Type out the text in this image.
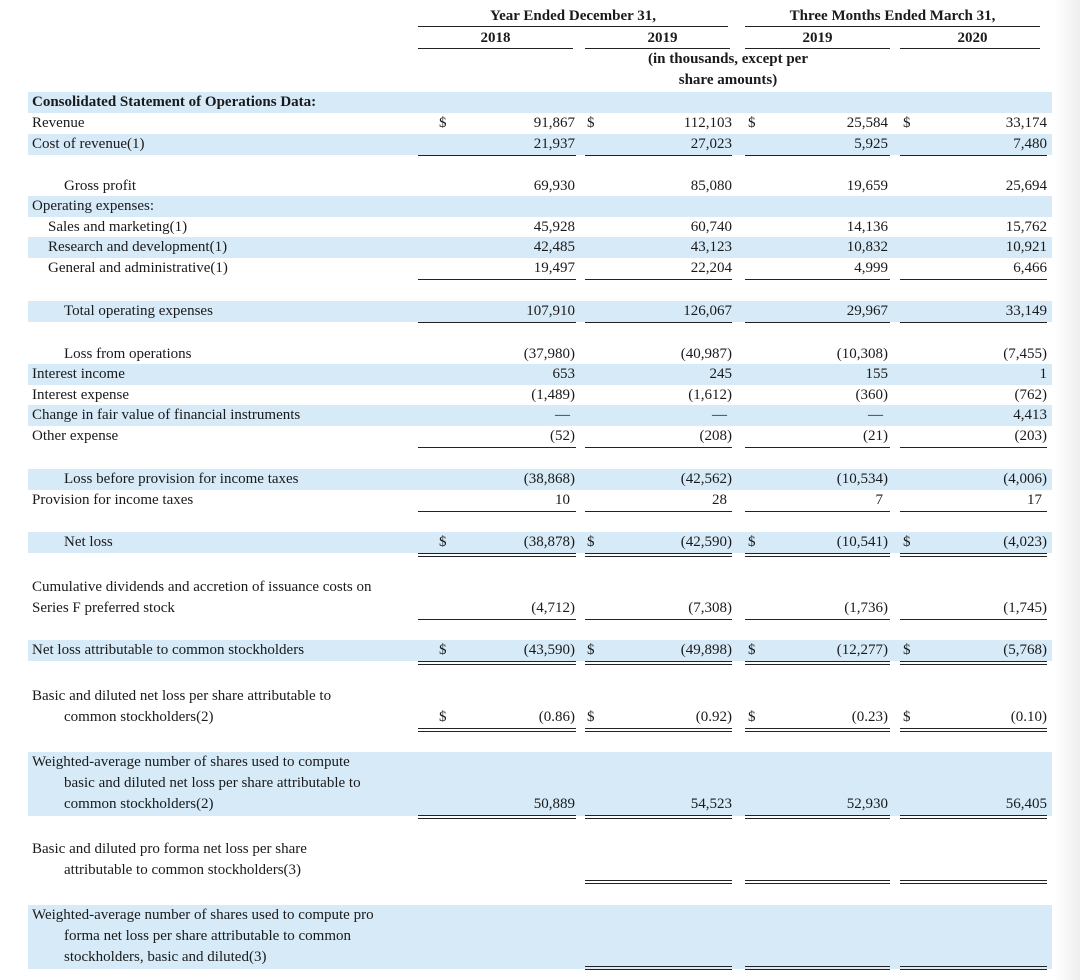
Year Ended December 31,	Three Months Ended March 31,
2018	2019	2019	2020
(in thousands, except per
share amounts)
Consolidated Statement of Operations Data:
Revenue	$	91,867 $	112,103 $	25,584 $	33,174
Cost of revenue(1)	21,937	27,023	5,925	7,480
Gross profit	69,930	85,080	19,659	25,694
Operating expenses:
Sales and marketing(1)	45,928	60,740	14,136	15,762
Research and development(1)	42,485	43,123	10,832	10,921
General and administrative(1)	19,497	22,204	4,999	6,466
Total operating expenses	107,910	126,067	29,967	33,149
Loss from operations	(37,980)	(40,987)	(10,308)	(7,455)
Interest income	653	245	155	1
Interest expense	(1,489)	(1,612)	(360)	(762)
Change in fair value of financial instruments	—	—	—	4,413
Other expense	(52)	(208)	(21)	(203)
Loss before provision for income taxes	(38,868)	(42,562)	(10,534)	(4,006)
Provision for income taxes	10	28	7	17
Net loss	$	(38,878) $	(42,590) $	(10,541) $	(4,023)
Cumulative dividends and accretion of issuance costs on
Series F preferred stock	(4,712)	(7,308)	(1,736)	(1,745)
Net loss attributable to common stockholders	$	(43,590) $	(49,898) $	(12,277) $	(5,768)
Basic and diluted net loss per share attributable to
common stockholders(2)	$	(0.86) $	(0.92) $	(0.23) $	(0.10)
Weighted-average number of shares used to compute
basic and diluted net loss per share attributable to
common stockholders(2)	50,889	54,523	52,930	56,405
Basic and diluted pro forma net loss per share
attributable to common stockholders(3)
Weighted-average number of shares used to compute pro
forma net loss per share attributable to common
stockholders, basic and diluted(3)
